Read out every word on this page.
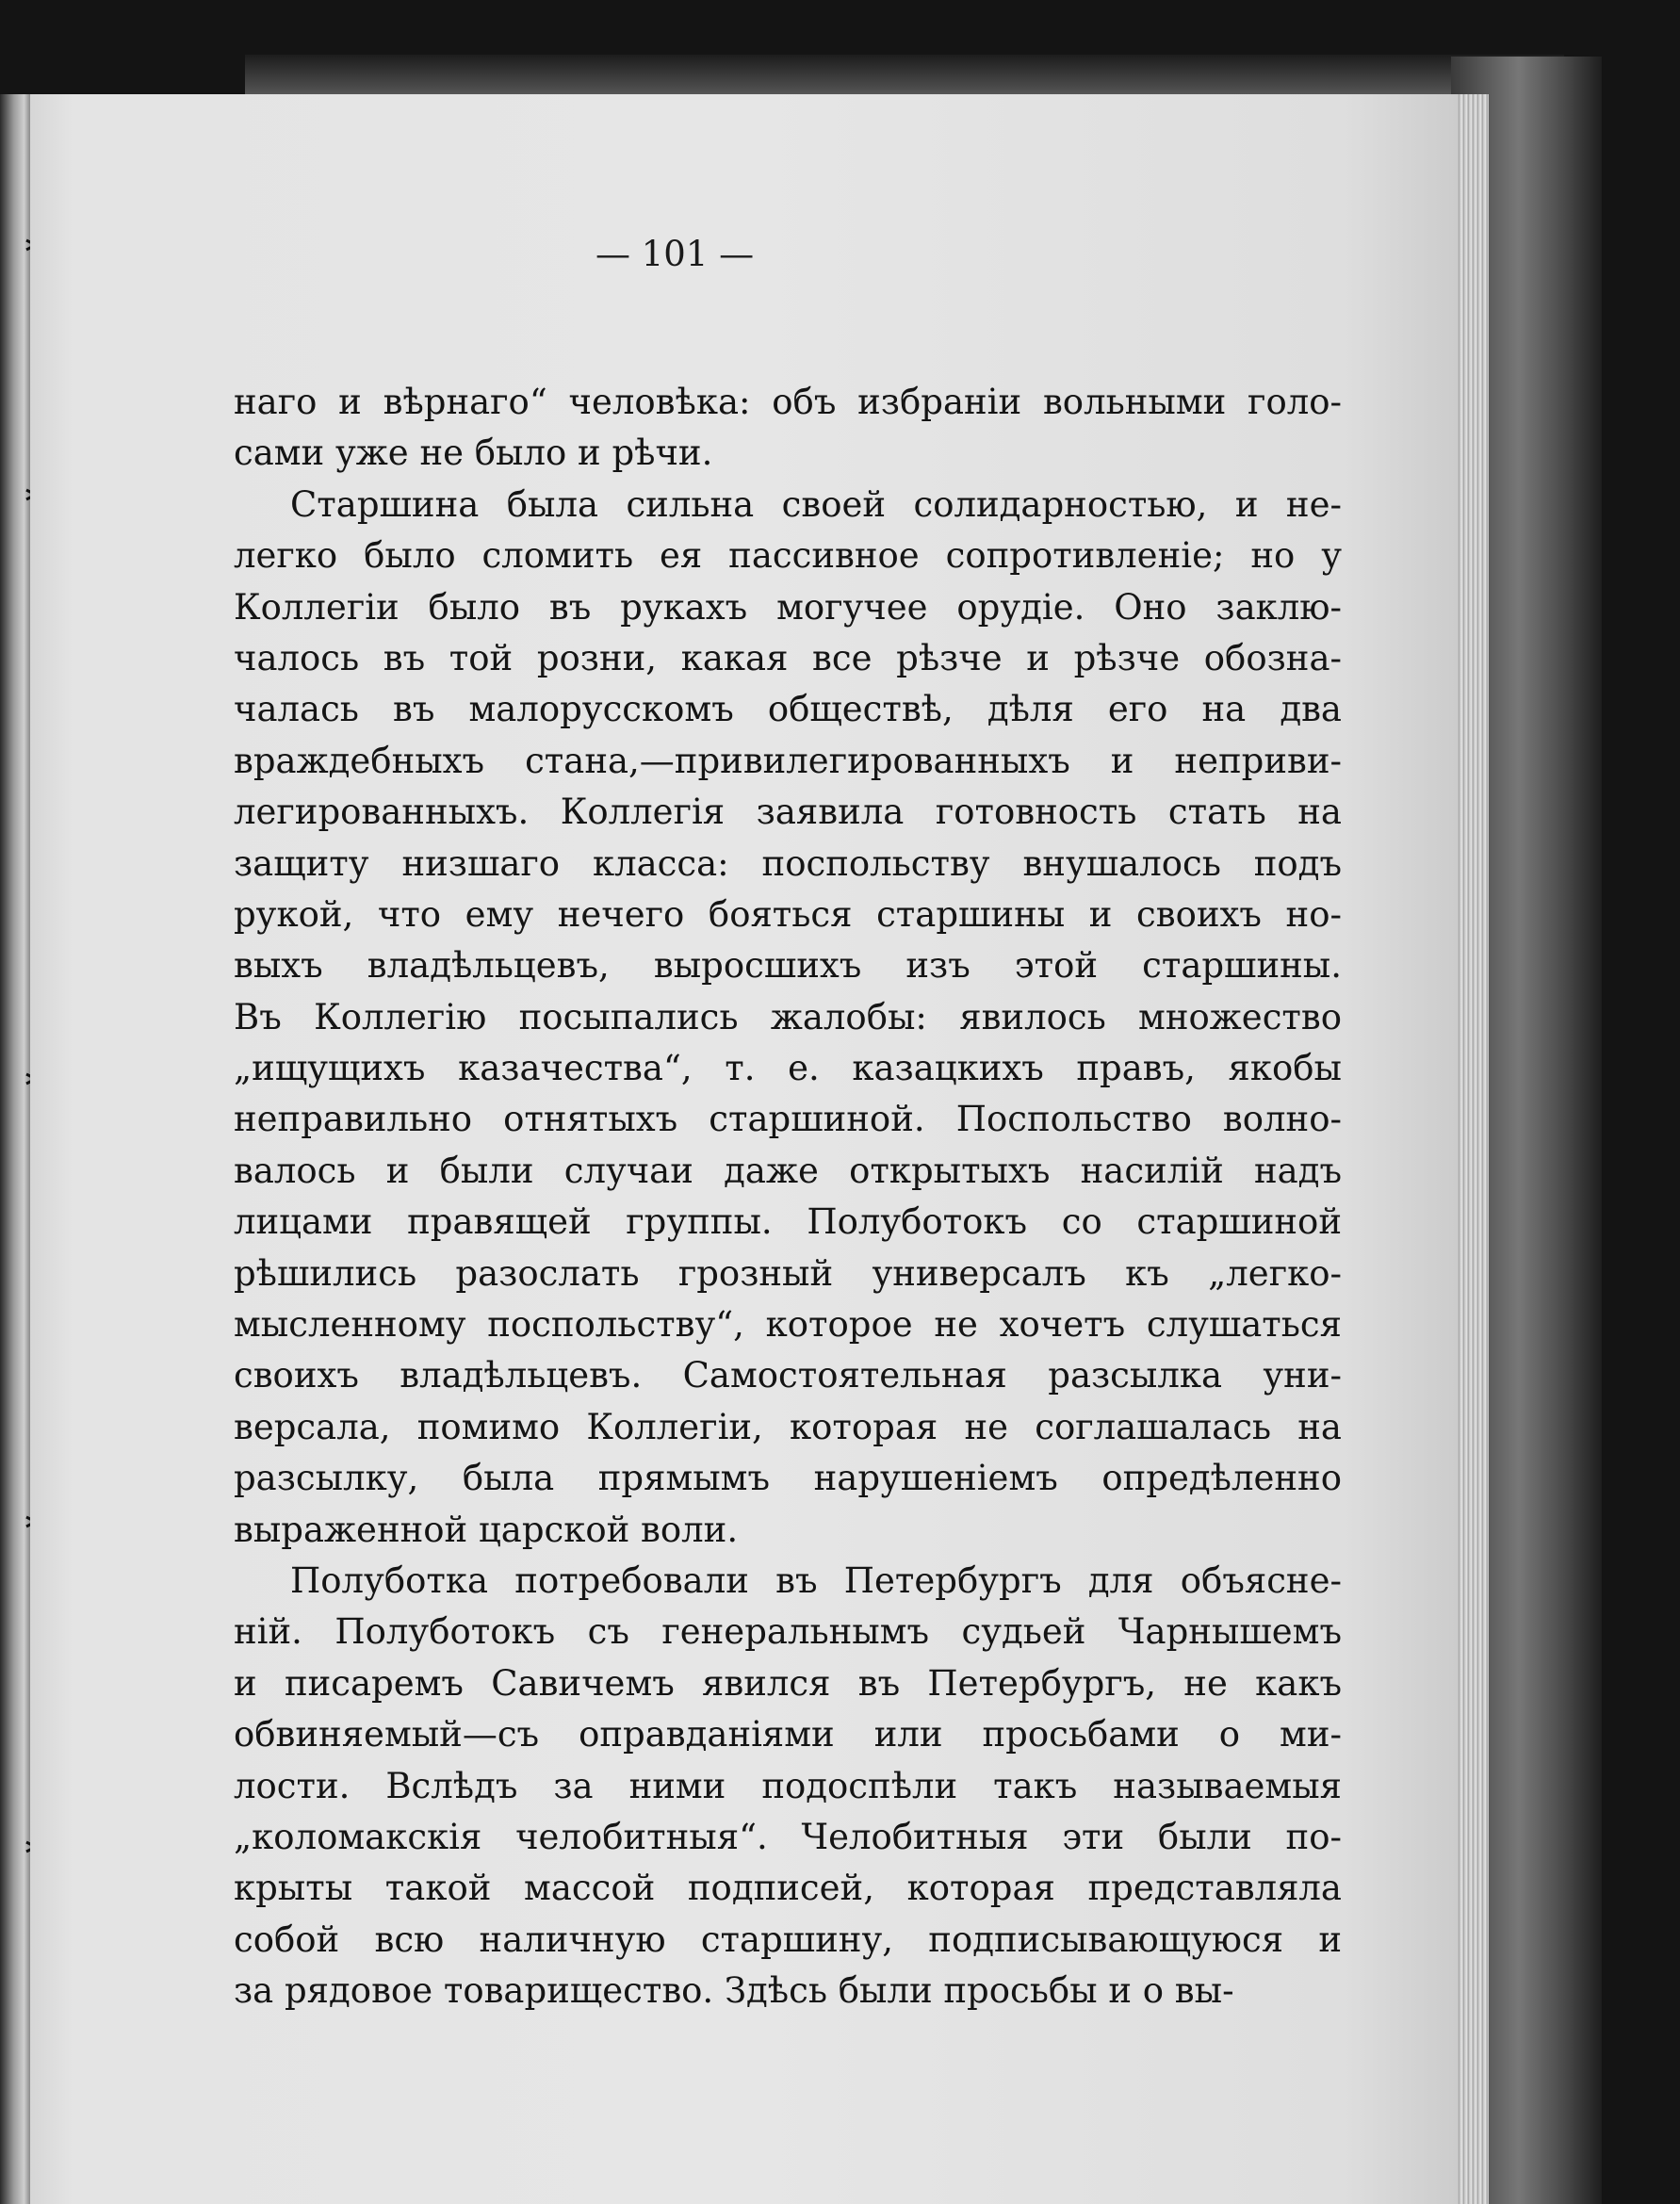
— 101 —
наго и вѣрнаго“ человѣка: объ избраніи вольными голо-
сами уже не было и рѣчи.
Старшина была сильна своей солидарностью, и не-
легко было сломить ея пассивное сопротивленіе; но у
Коллегіи было въ рукахъ могучее орудіе. Оно заклю-
чалось въ той розни, какая все рѣзче и рѣзче обозна-
чалась въ малорусскомъ обществѣ, дѣля его на два
враждебныхъ стана,—привилегированныхъ и неприви-
легированныхъ. Коллегія заявила готовность стать на
защиту низшаго класса: поспольству внушалось подъ
рукой, что ему нечего бояться старшины и своихъ но-
выхъ владѣльцевъ, выросшихъ изъ этой старшины.
Въ Коллегію посыпались жалобы: явилось множество
„ищущихъ казачества“, т. е. казацкихъ правъ, якобы
неправильно отнятыхъ старшиной. Поспольство волно-
валось и были случаи даже открытыхъ насилій надъ
лицами правящей группы. Полуботокъ со старшиной
рѣшились разослать грозный универсалъ къ „легко-
мысленному поспольству“, которое не хочетъ слушаться
своихъ владѣльцевъ. Самостоятельная разсылка уни-
версала, помимо Коллегіи, которая не соглашалась на
разсылку, была прямымъ нарушеніемъ опредѣленно
выраженной царской воли.
Полуботка потребовали въ Петербургъ для объясне-
ній. Полуботокъ съ генеральнымъ судьей Чарнышемъ
и писаремъ Савичемъ явился въ Петербургъ, не какъ
обвиняемый—съ оправданіями или просьбами о ми-
лости. Вслѣдъ за ними подоспѣли такъ называемыя
„коломакскія челобитныя“. Челобитныя эти были по-
крыты такой массой подписей, которая представляла
собой всю наличную старшину, подписывающуюся и
за рядовое товарищество. Здѣсь были просьбы и о вы-
